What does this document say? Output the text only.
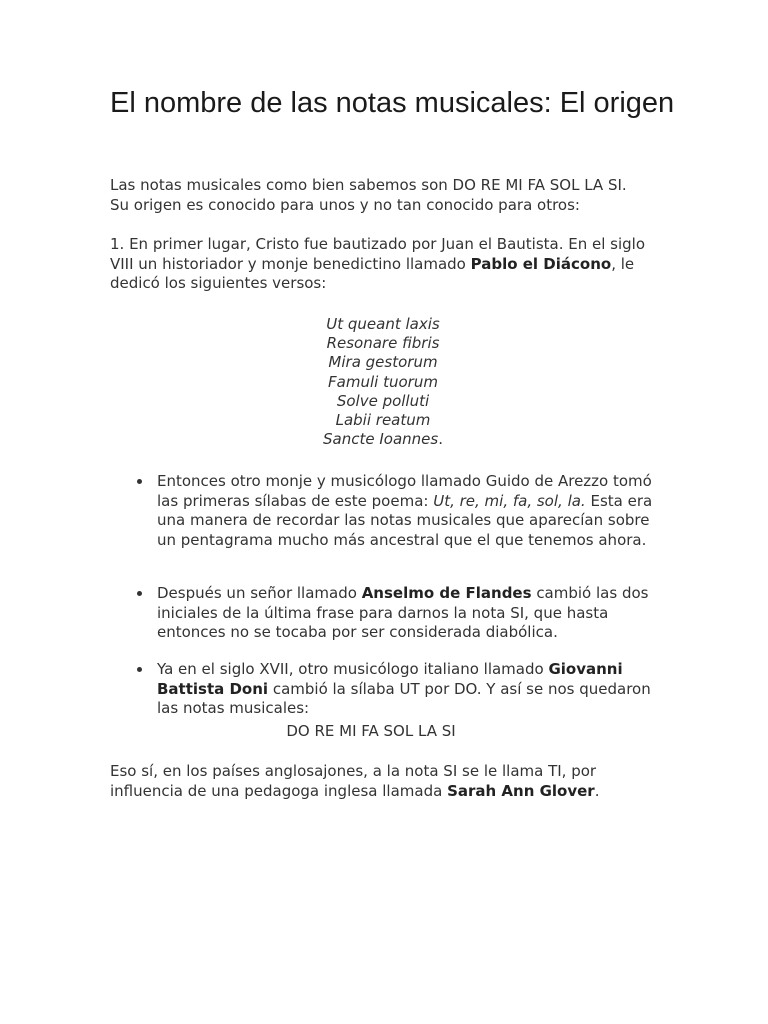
El nombre de las notas musicales: El origen

Las notas musicales como bien sabemos son DO RE MI FA SOL LA SI. Su origen es conocido para unos y no tan conocido para otros:

1. En primer lugar, Cristo fue bautizado por Juan el Bautista. En el siglo VIII un historiador y monje benedictino llamado Pablo el Diácono, le dedicó los siguientes versos:

Ut queant laxis
Resonare fibris
Mira gestorum
Famuli tuorum
Solve polluti
Labii reatum
Sancte Ioannes.

Entonces otro monje y musicólogo llamado Guido de Arezzo tomó las primeras sílabas de este poema: Ut, re, mi, fa, sol, la. Esta era una manera de recordar las notas musicales que aparecían sobre un pentagrama mucho más ancestral que el que tenemos ahora.

Después un señor llamado Anselmo de Flandes cambió las dos iniciales de la última frase para darnos la nota SI, que hasta entonces no se tocaba por ser considerada diabólica.

Ya en el siglo XVII, otro musicólogo italiano llamado Giovanni Battista Doni cambió la sílaba UT por DO. Y así se nos quedaron las notas musicales:

DO RE MI FA SOL LA SI

Eso sí, en los países anglosajones, a la nota SI se le llama TI, por influencia de una pedagoga inglesa llamada Sarah Ann Glover.
